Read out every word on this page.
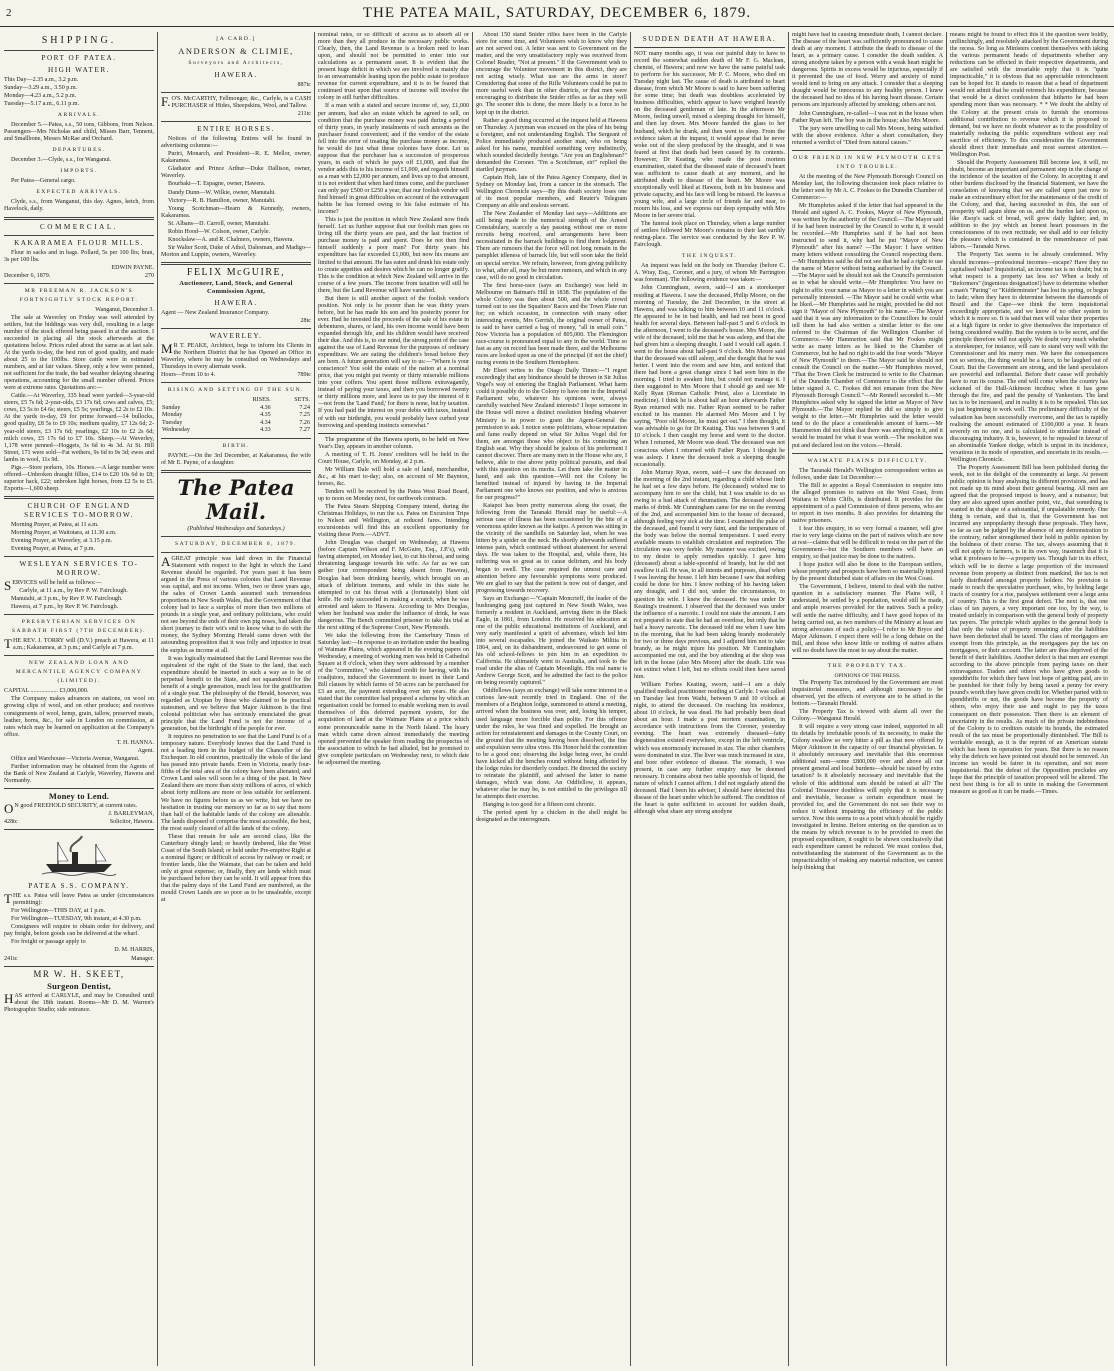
2	THE PATEA MAIL, SATURDAY, DECEMBER 6, 1879.
SHIPPING.
PORT OF PATEA.
HIGH WATER.

This Day—2.35 a.m., 3.2 p.m.

Sunday—3.29 a.m., 3.50 p.m.

Monday—4.23 a.m., 5.2 p.m.

Tuesday—5.17 a.m., 6.11 p.m.

ARRIVALS.

December 5.—Patea, s.s., 50 tons, Gibbons, from Nelson. Passengers—Mrs Nicholas and child, Misses Barr, Tennent, and Smallbone, Messrs McRae and Orchard.

DEPARTURES.

December 3.—Clyde, s.s., for Wanganui.

IMPORTS.

Per Patea—General cargo.

EXPECTED ARRIVALS.

Clyde, s.s., from Wanganui, this day. Agnes, ketch, from Havelock, daily.

COMMERCIAL.
KAKARAMEA FLOUR MILLS.

Flour in sacks and in bags. Pollard, 5s per 100 lbs; bran, 3s per 100 lbs.

EDWIN PAYNE.

December 6, 1879.	270

MR FREEMAN R. JACKSON'S FORTNIGHTLY STOCK REPORT.

Wanganui, December 3.

The sale at Waverley on Friday was well attended by settlers, but the biddings was very dull, resulting in a large number of the stock offered being passed in at the auction. I succeeded in placing all the stock afterwards at the quotations below. Prices ruled about the same as at last sale. At the yards to-day, the best run of good quality, and made about 25 to the 100lbs. Store cattle were in estimated numbers, and at fair values. Sheep, only a few were penned, not sufficient for the trade, the bad weather delaying shearing operations, accounting for the small number offered. Prices were at extreme rates. Quotations are:—

Cattle.—At Waverley, 335 head were yarded—3-year-old steers, £5 7s 6d; 2-year-olds, £3 17s 6d; cows and calves, £5; cows, £3 5s to £4 6s; steers, £5 5s; yearlings, £2 2s to £2 10s. At the yards to-day, £9 for prime forward—14 bullocks, good quality, £8 5s to £9 10s; medium quality, £7 12s 6d; 2-year-old steers, £3 17s 6d; yearlings, £2 10s to £2 2s 6d; milch cows, £5 17s 6d to £7 10s. Sheep.—At Waverley, 1,178 were penned—Hoggets, 3s 6d to 4s 3d. At St. Hill Street, 171 were sold—Fat wethers, 9s 6d to 9s 3d; ewes and lambs in wool, 11s 9d.

Pigs.—Store porkers, 10s. Horses.—A large number were offered—Unbroken draught fillies, £14 to £20 10s 6d to £8; superior hack, £22; unbroken light horses, from £2 5s to £5. Exports—1,600 sheep.

CHURCH OF ENGLAND SERVICES TO-MORROW.

Morning Prayer, at Patea, at 11 a.m.

Morning Prayer, at Waitotara, at 11.30 a.m.

Evening Prayer, at Waverley, at 3.15 p.m.

Evening Prayer, at Patea, at 7 p.m.

WESLEYAN SERVICES TO-MORROW.

SERVICES will be held as follows:—

Carlyle, at 11 a.m., by Rev P. W. Fairclough.

Manutahi, at 3 p.m., by Rev P. W. Fairclough.

Hawera, at 7 p.m., by Rev P. W. Fairclough.

PRESBYTERIAN SERVICES ON SABBATH FIRST (7TH DECEMBER).

THE REV. J. TORRY will (D.V.) preach at Hawera, at 11 a.m.; Kakaramea, at 3 p.m.; and Carlyle at 7 p.m.

NEW ZEALAND LOAN AND MERCANTILE AGENCY COMPANY (LIMITED).

CAPITAL .................. £3,000,000.

The Company makes advances on stations, on wool on growing clips of wool, and on other produce; and receives consignments of wool, hemp, grain, tallow, preserved meats, leather, horns, &c., for sale in London on commission, at rates which may be learned on application at the Company's office.

T. H. HANNA.

Agent.

Office and Warehouse—Victoria Avenue, Wanganui.

Further information may be obtained from the Agents of the Bank of New Zealand at Carlyle, Waverley, Hawera and Normanby.

Money to Lend.

ON good FREEHOLD SECURITY, at current rates.

J. BARLEYMAN,

428tc	Solicitor, Hawera.

PATEA S.S. COMPANY.

THE s.s. Patea will leave Patea as under (circumstances permitting):

For Wellington—THIS DAY, at 1 p.m.

For Wellington—TUESDAY, 9th instant, at 4.30 p.m.

Consignees will require to obtain order for delivery, and pay freight, before goods can be delivered at the wharf.

For freight or passage apply to

D. M. HARRIS,

241tc	Manager.

MR W. H. SKEET,
Surgeon Dentist,

HAS arrived at CARLYLE, and may be Consulted until about the 18th instant. Rooms—Mr D. M. Warren's Photographic Studio; side entrance.

[A CARD.]
ANDERSON & CLIMIE,
Surveyors and Architects,
HAWERA.

887tc

F.O'S. McCARTHY, Fellmonger, &c., Carlyle, is a CASH PURCHASER of Hides, Sheepskins, Wool, and Tallow.

211tc

ENTIRE HORSES.

Notices of the following Entires will be found in advertising columns:—

Puriri, Monarch, and President—R. E. Mellor, owner, Kakaramea.

Gladiator and Prince Arthur—Duke Dallison, owner, Waverley.

Bourbaki—T. Espagne, owner, Hawera.

Dandy Dunn—W. Wilkie, owner, Manutahi.

Victory—R. B. Hamilton, owner, Manutahi.

Young Scotchman—Hearn & Kennedy, owners, Kakaramea.

St. Albans—D. Carroll, owner, Manutahi.

Robin Hood—W. Colson, owner, Carlyle.

Knockslaw—A. and R. Chalmers, owners, Hawera.

Sir Walter Scott, Duke of Athol, Dalesman, and Madigo—Morton and Luppin, owners, Waverley.

FELIX McGUIRE,
Auctioneer, Land, Stock, and General Commission Agent,
HAWERA.

Agent — New Zealand Insurance Company.

28tc

WAVERLEY.

MR T. PEAKE, Architect, begs to inform his Clients in the Northern District that he has Opened an Office in Waverley, where he may be consulted on Wednesdays and Thursdays in every alternate week.

Hours—From 10 to 4.	789tc

RISING AND SETTING OF THE SUN.
	RISES.	SETS.
Sunday	4.36	7.24
Monday	4.35	7.25
Tuesday	4.34	7.26
Wednesday	4.33	7.27
BIRTH.

PAYNE.—On the 3rd December, at Kakaramea, the wife of Mr E. Payne, of a daughter.

The Patea Mail.
(Published Wednesdays and Saturdays.)
SATURDAY, DECEMBER 6, 1879.

AGREAT principle was laid down in the Financial Statement with respect to the light in which the Land Revenue should be regarded. For years past it has been argued in the Press of various colonies that Land Revenue was capital, and not income. When, two or three years ago, the sales of Crown Lands assumed such tremendous proportions in New South Wales, that the Government of that colony had to face a surplus of more than two millions of pounds in a single year, and ordinary politicians, who could not see beyond the ends of their own pig noses, had taken the short journey to their wit's end to know what to do with the money, the Sydney Morning Herald came down with the astounding proposition that it was folly and injustice to treat the surplus as income at all.

It was logically maintained that the Land Revenue was the equivalent of the right of the State to the land, that such expenditure should be inserted in such a way as to be of perpetual benefit to the State, and not squandered for the benefit of a single generation, much less for the gratification of a single year. The philosophy of the Herald, however, was regarded as Utopian by those who claimed to be practical statesmen, and we believe that Major Atkinson is the first colonial politician who has seriously enunciated the great principle that the Land Fund is not the income of a generation, but the birthright of the people for ever.

It requires no penetration to see that the Land Fund is of a temporary nature. Everybody knows that the Land Fund is not a leading item in the budget of the Chancellor of the Exchequer. In old countries, practically the whole of the land has passed into private hands. Even in Victoria, nearly four-fifths of the total area of the colony have been alienated, and Crown Land sales will soon be a thing of the past. In New Zealand there are more than sixty millions of acres, of which about forty millions are more or less suitable for settlement. We have no figures before us as we write, but we have no hesitation in trusting our memory so far as to say that more than half of the habitable lands of the colony are alienable. The lands disposed of comprise the most accessible, the best, the most easily cleared of all the lands of the colony.

These that remain for sale are second class, like the Canterbury shingly land; or heavily timbered, like the West Coast of the South Island; or held under Pre-emptive Right at a nominal figure; or difficult of access by railway or road; or frontier lands, like the Waimate, that can be taken and held only at great expense; or, finally, they are lands which must be purchased before they can be sold. It will appear from this that the palmy days of the Land Fund are numbered, as the mould Crown Lands are so poor as to be unsaleable, except at

nominal rates, or so difficult of access as to absorb all or more than they all produce in the necessary public works. Clearly, then, the Land Revenue is a broken reed to lean upon, and should not be permitted to enter into our calculations as a permanent asset. It is evident that the present huge deficit in which we are involved is mainly due to an unwarrantable leaning upon the public estate to produce revenue for current expenditure, and it is to be feared that continued trust upon that source of income will involve the colony in still further difficulties.

If a man with a stated and secure income of, say, £1,000 per annum, had also an estate which he agreed to sell, on condition that the purchase money was paid during a period of thirty years, in yearly instalments of such amounts as the purchaser found convenient; and if the vendor of the estate fell into the error of treating the purchase money as income, he would do just what these colonies have done. Let us suppose that the purchaser has a succession of prosperous years, in each of which he pays off £1,000, and that the vendor adds this to his income of £1,000, and regards himself as a man with £2,000 per annum, and lives up to that amount, it is not evident that when hard times come, and the purchaser can only pay £500 or £250 a year, that our foolish vendor will find himself in great difficulties on account of the extravagant habits he has formed owing to his false estimate of his income?

This is just the position in which New Zealand now finds herself. Let us further suppose that our foolish man goes on living till the thirty years are past, and the last fraction of purchase money is paid and spent. Does he not then find himself suddenly a poor man? For thirty years his expenditure has far exceeded £1,000, but now his means are limited to that amount. He has eaten and drunk his estate only to create appetites and desires which he can no longer gratify. This is the condition at which New Zealand will arrive in the course of a few years. The income from taxation will still be there, but the Land Revenue will have vanished.

But there is still another aspect of the foolish vendor's position. Not only is he poorer than he was thirty years before, but he has made his son and his posterity poorer for ever. Had he invested the proceeds of the sale of his estate in debentures, shares, or land, his own income would have been expanded through life, and his children would have received their due. And this is, to our mind, the strong point of the case against the use of Land Revenue for the purposes of ordinary expenditure. We are eating the children's bread before they are born. A future generation will say to us:—"Where is your conscience? You sold the estate of the nation at a nominal price, that you might put twenty or thirty miserable millions into your coffers. You spent those millions extravagantly, instead of paying your taxes, and then you borrowed twenty or thirty millions more, and leave us to pay the interest of it—not from the 'Land Fund,' for there is none, but by taxation. If you had paid the interest on your debts with taxes, instead of with our birthright, you would probably have curbed your borrowing and spending instincts somewhat."

The programme of the Hawera sports, to be held on New Year's Day, appears in another column.

A meeting of T. H. Jones' creditors will be held in the Court House, Carlyle, on Monday, at 2 p.m.

Mr William Dale will hold a sale of land, merchandise, &c., at his mart to-day; also, on account of Mr Baynton, horses, &c.

Tenders will be received by the Patea West Road Board, up to noon on Monday next, for earthwork contracts.

The Patea Steam Shipping Company intend, during the Christmas Holidays, to run the s.s. Patea on Excursion Trips to Nelson and Wellington, at reduced fares. Intending excursionists will find this an excellent opportunity for visiting these Ports.—ADVT.

John Douglas was charged on Wednesday, at Hawera (before Captain Wilson and F. McGuire, Esq., J.P.'s), with having attempted, on Monday last, to cut his throat, and using threatening language towards his wife. As far as we can gather (our correspondent being absent from Hawera), Douglas had been drinking heavily, which brought on an attack of delirium tremens, and while in this state he attempted to cut his throat with a (fortunately) blunt old knife. He only succeeded in making a scratch, when he was arrested and taken to Hawera. According to Mrs Douglas, when her husband was under the influence of drink, he was dangerous. The Bench committed prisoner to take his trial at the next sitting of the Supreme Court, New Plymouth.

We take the following from the Canterbury Times of Saturday last:—In response to an invitation under the heading of Waimate Plains, which appeared in the evening papers on Wednesday, a meeting of working men was held in Cathedral Square at 8 o'clock, when they were addressed by a member of the "committee," who claimed credit for having, with his coadjutors, induced the Government to insert in their Land Bill clauses by which farms of 50 acres can be purchased for £3 an acre, the payment extending over ten years. He also stated that the committee had prepared a scheme by which an organisation could be formed to enable working men to avail themselves of this deferred payment system, for the acquisition of land at the Waimate Plains at a price which some pronounceable name in the North Island. The hoary man which came down almost immediately the meeting opened prevented the speaker from reading the prospectus of the association to which he had alluded, but he promised to give complete particulars on Wednesday next, to which date he adjourned the meeting.

About 150 stand Snider rifles have been in the Carlyle store for some time, and Volunteers wish to know why they are not served out. A letter was sent to Government on the matter, and the very unsatisfactory reply was received from Colonel Reader, "Not at present." If the Government wish to encourage the Volunteer movement in this district, they are not acting wisely. What use are the arms in store? Considering that some of the Rifle Volunteers could be put to more useful work than in other districts, or that men were encouraging to distribute the Snider rifles as far as they will go. The sooner this is done, the more likely is a force to be kept up in the district.

Rather a good thing occurred at the inquest held at Hawera on Thursday. A juryman was excused on the plea of his being a foreigner, and not understanding English. The Sergeant of Police immediately produced another man, who on being asked for his name, mumbled something very indistinctly, which sounded decidedly foreign. "Are you an Englishman?" demanded the Coroner. "I'm a Scotchman, sir!" replied the startled juryman.

Captain Holt, late of the Patea Agency Company, died in Sydney on Monday last, from a cancer in the stomach. The Wellington Chronicle says—By this death society loses one of its most popular members, and Reuter's Telegram Company an able and zealous servant.

The New Zealander of Monday last says—Additions are still being made to the numerical strength of the Armed Constabulary, scarcely a day passing without one or more recruits being received, and arrangements have been necessitated in the barrack buildings to find them lodgment. There are rumours that the force will not long remain in the pamphlet idleness of barrack life, but will soon take the field on special service. We refrain, however, from giving publicity to what, after all, may be but mere rumours, and which in any case, will do no good in circulation.

The first horse-race (says an Exchange) was held in Melbourne on Batman's Hill in 1838. The population of the whole Colony was then about 500, and the whole crowd turned out to see the Squatters' Races and the Town Plate run for; on which occasion, in connection with many other interesting events, Mrs Gerrish, the original owner of Patea, is said to have carried a bag of money, "all in small coin." Now Victoria has a population of 805,000. The Flemington race-course is pronounced equal to any in the world. Time so fast as any on record has been made there, and the Melbourne races are looked upon as one of the principal (if not the chief) racing events in the Southern Hemisphere.

Mr Ebert writes to the Otago Daily Times:—"I regret exceedingly that any hindrance should be thrown in Sir Julius Vogel's way of entering the English Parliament. What harm could it possibly do to the Colony to have one in the Imperial Parliament who, whatever his opinions were, always carefully watched New Zealand interests? I hope someone in the House will move a distinct resolution binding whatever Ministry is in power to grant the Agent-General the permission to ask. I notice some politicians, whose reputation and fame really depend on what Sir Julius Vogel did for them, are amongst those who object to his contesting an English seat. Why they should be jealous of his preferment I cannot discover. There are many men in the House who are, I believe, able to rise above petty political pursuits, and deal with this question on its merits. Let them take the matter in hand, and ask this question—Will not the Colony be benefited instead of injured by having in the Imperial Parliament one who knows our position, and who is anxious for our progress?"

Kaiapoi has been pretty numerous along the coast, the following from the Taranaki Herald may be useful:—A serious case of illness has been occasioned by the bite of a venomous spider known as the katipo. A person was sitting in the vicinity of the sandhills on Saturday last, when he was bitten by a spider on the neck. He shortly afterwards suffered intense pain, which continued without abatement for several days. He was taken to the Hospital, and, while there, his suffering was so great as to cause delirium, and his body began to swell. The case required the utmost care and attention before any favourable symptoms were produced. We are glad to say that the patient is now out of danger, and progressing towards recovery.

Says an Exchange:—"Captain Moncrieff, the leader of the bushranging gang just captured in New South Wales, was formerly a resident in Auckland, arriving there in the Black Eagle, in 1861, from London. He received his education at one of the public educational institutions of Auckland, and very early manifested a spirit of adventure, which led him into several escapades. He joined the Waikato Militia in 1864, and, on its disbandment, endeavoured to get some of his old school-fellows to join him in an expedition to California. He ultimately went to Australia, and took to the road under the alias of Captain Moonlight. His real name is Andrew George Scott, and he admitted the fact to the police on being recently captured."

Oddfellows (says an exchange) will take some interest in a curious law-suit recently tried in England. One of the members of a Brighton lodge, summoned to attend a meeting, arrived when the business was over, and, losing his temper, used language more forcible than polite. For this offence under the rules, he was fined and expelled. He brought an action for reinstatement and damages in the County Court, on the ground that the meeting having been dissolved, the fine and expulsion were ultra vires. His Honor held the contention to be a good one; observing the lodge being over, he could have kicked all the benches round without being affected by the lodge rules for disorderly conduct. He directed the society to reinstate the plaintiff, and advised the latter to name damages, which was done. An Oddfellow, it appears, whatever else he may be, is not entitled to the privileges till he attempts their exercise.

Hanging is too good for a fifteen cent chronic.

The period spent by a chicken in the shell might be designated as the interregnum.

SUDDEN DEATH AT HAWERA.

NOT many months ago, it was our painful duty to have to record the somewhat sudden death of Mr F. G. Maclean, chemist, of Hawera; and now we have the same painful task to perform for his successor, Mr P. C. Moore, who died on Tuesday night last. The cause of death is attributed to heart disease, from which Mr Moore is said to have been suffering for some time; but death was doubtless accelerated by business difficulties, which appear to have weighed heavily on the deceased gentleman of late. In the afternoon Mr Moore, feeling unwell, mixed a sleeping draught for himself, and then lay down. Mrs Moore handed the glass to her husband, which he drank, and then went to sleep. From the evidence taken at the inquest, it would appear that he never woke out of the sleep produced by the draught, and it was feared at first that death had been caused by its contents. However, Dr Keating, who made the post mortem examination, stated that the diseased state of deceased's heart was sufficient to cause death at any moment, and he attributed death to disease of the heart. Mr Moore was exceptionally well liked at Hawera, both in his business and private capacity, and his face will long be missed. He leaves a young wife, and a large circle of friends far and near, to mourn his loss, and we express our deep sympathy with Mrs Moore in her severe trial.

The funeral took place on Thursday, when a large number of settlers followed Mr Moore's remains to their last earthly resting-place. The service was conducted by the Rev P. W. Fairclough.

THE INQUEST.

An inquest was held on the body on Thursday (before C. A. Wray, Esq., Coroner, and a jury, of whom Mr Parrington was foreman). The following evidence was taken:—

John Cunningham, sworn, said—I am a storekeeper residing at Hawera. I saw the deceased, Philip Moore, on the morning of Tuesday, the 2nd December, in the street at Hawera, and was talking to him between 10 and 11 o'clock. He appeared to be in bad health, and had not been in good health for several days. Between half-past 5 and 6 o'clock in the afternoon, I went to the deceased's house. Mrs Moore, the wife of the deceased, told me that he was asleep, and that she had given him a sleeping draught. I said I would call again. I went to the house about half-past 9 o'clock. Mrs Moore said that the deceased was still asleep, and she thought that he was better. I went into the room and saw him, and noticed that there had been a great change since I had seen him in the morning. I tried to awaken him, but could not manage it. I then suggested to Mrs Moore that I should go and see Mr Kelly Ryan (Roman Catholic Priest, also a Licentiate in medicine). I think he is about half an hour afterwards Father Ryan returned with me. Father Ryan seemed to be rather excited in his manner. He alarmed Mrs Moore and I by saying, "Poor old Moore, he must get out." I then thought, it was advisable to go for Dr Keating. This was between 9 and 10 o'clock. I then caught my horse and went to the doctor. When I returned, Mr Moore was dead. The deceased was not conscious when I returned with Father Ryan. I thought he was asleep. I knew the deceased took a sleeping draught occasionally.

John Murray Ryan, sworn, said—I saw the deceased on the morning of the 2nd instant, regarding a child whose limb he had set a few days before. He (deceased) wished me to accompany him to see the child, but I was unable to do so owing to a bad attack of rheumatism. The deceased showed marks of drink. Mr Cunningham came for me on the evening of the 2nd, and accompanied him to the house of deceased, although feeling very sick at the time. I examined the pulse of the deceased, and found it very faint, and the temperature of the body was below the normal temperature. I used every available means to establish circulation and respiration. The circulation was very feeble. My manner was excited, owing to my desire to apply remedies quickly. I gave him (deceased) about a table-spoonful of brandy, but he did not swallow it all. He was, to all intents and purposes, dead when I was leaving the house. I left him because I saw that nothing could be done for him. I know nothing of his having taken any draught, and I did not, under the circumstances, to question his wife. I knew the deceased. He was under Dr Keating's treatment. I observed that the deceased was under the influence of a narcotic. I could not state the amount. I am not prepared to state that he had an overdose, but only that he had a heavy narcotic. The deceased told me when I saw him in the morning, that he had been taking brandy moderately for two or three days previous, and I adjured him not to take brandy, as he might injure his position. Mr Cunningham accompanied me out, and the boy attending at the shop was left in the house (also Mrs Moore) after the death. Life was not extinct when I left, but no efforts could then have saved him.

William Forbes Keating, sworn, said—I am a duly qualified medical practitioner residing at Carlyle. I was called on Tuesday last from Waihi, between 9 and 10 o'clock at night, to attend the deceased. On reaching his residence, about 10 o'clock, he was dead. He had probably been dead about an hour. I made a post mortem examination, in accordance with instructions from the Coroner, yesterday evening. The heart was extremely diseased—fatty degeneration existed everywhere, except in the left ventricle, which was enormously increased in size. The other chambers were dominated in size. The liver was much increased in size, and bore other evidence of disease. The stomach, I was present, in case any further enquiry may be deemed necessary. It contains about two table spoonfuls of liquid, the nature of which I cannot affirm. I did not regularly attend the deceased. Had I been his adviser, I should have detected this disease of the heart under which he suffered. The condition of the heart is quite sufficient to account for sudden death, although what share any strong anodyne

might have had in causing immediate death, I cannot declare. The disease of the heart was sufficiently pronounced to cause death at any moment. I attribute the death to disease of the heart, as a primary cause. I consider the death sudden. A strong anodyne taken by a person with a weak heart might be dangerous. Spirits in excess would be injurious, especially if it prevented the use of food. Worry and anxiety of mind would tend to bring on any attack. I consider that a sleeping draught would be innocuous to any healthy person. I knew the deceased had no idea of his having heart disease. Certain persons are injuriously affected by smoking; others are not.

John Cunningham, re-called—I was not in the house when Father Ryan left. The boy was in the house; also Mrs Moore.

The jury were unwilling to call Mrs Moore, being satisfied with the above evidence. After a short consultation, they returned a verdict of "Died from natural causes."

OUR FRIEND IN NEW PLYMOUTH GETS INTO TROUBLE.

At the meeting of the New Plymouth Borough Council on Monday last, the following discussion took place relative to the letter sent by Mr A. C. Fookes to the Dunedin Chamber of Commerce:—

Mr Humphries asked if the letter that had appeared in the Herald and signed A. C. Fookes, Mayor of New Plymouth, was written by the authority of the Council.—The Mayor said if he had been instructed by the Council to write it, it would be recorded.—Mr Humphries said if he had not been instructed to send it, why had he put "Mayor of New Plymouth" after his name? —The Mayor: I have written many letters without consulting the Council respecting them.—Mr Humphries said he did not see that he had a right to use the name of Mayor without being authorised by the Council.—The Mayor said he should not ask the Council's permission as to what he should write.—Mr Humphries: You have no right to affix your name as Mayor to a letter in which you are personally interested. —The Mayor said he could write what he liked.—Mr Humphries said he might, provided he did not sign it "Mayor of New Plymouth" to his name.—The Mayor said that it was any information to the Councillors he could tell them he had also written a similar letter to the one referred to the Chairman of the Wellington Chamber of Commerce.—Mr Hammerton said that Mr Fookes might write as many letters as he liked to the Chamber of Commerce, but he had no right to add the four words "Mayor of New Plymouth" to them.—The Mayor said he should not consult the Council on the matter.—Mr Humphries moved, "That the Town Clerk be instructed to write to the Chairman of the Dunedin Chamber of Commerce to the effect that the letter signed A. C. Fookes did not emanate from the New Plymouth Borough Council."—Mr Rennell seconded it.—Mr Humphries asked why he signed the letter as Mayor of New Plymouth.—The Mayor replied he did so simply to give weight to the letter.—Mr Humphries said the letter would tend to do the place a considerable amount of harm.—Mr Hammerton did not think that there was anything in it, and it would be treated for what it was worth.—The resolution was put and declared lost on the voices.—Herald.

WAIMATE PLAINS DIFFICULTY.

The Taranaki Herald's Wellington correspondent writes as follows, under date 1st December:—

The Bill to appoint a Royal Commission to enquire into the alleged promises to natives on the West Coast, from Waitara to White Cliffs, is distributed. It provides for the appointment of a paid Commission of three persons, who are to report in two months. It also provides for detaining the native prisoners.

I fear this enquiry, in so very formal a manner, will give rise to very large claims on the part of natives which are now at rest—claims that will be difficult to resist on the part of the Government—but the Southern members will have an enquiry, so that justice may be done to the natives.

I hope justice will also be done to the European settlers, whose property and prospects have been so materially injured by the present disturbed state of affairs on the West Coast.

The Government, I believe, intend to deal with the native question in a satisfactory manner. The Plains will, I understand, be settled by a population, would still be made, and ample reserves provided for the natives. Such a policy will settle the native difficulty, and I have good hopes of its being carried out, as two members of the Ministry at least are strong advocates of such a policy—I refer to Mr Bryce and Major Atkinson. I expect there will be a long debate on the Bill, and those who know little or nothing of native affairs will no doubt have the most to say about the matter.

THE PROPERTY TAX.
OPINIONS OF THE PRESS.

The Property Tax introduced by the Government are most inquisitorial measures, and although necessary to be observed, yet the effects of everyone are to be sifted to the bottom.—Taranaki Herald.

The Property Tax is viewed with alarm all over the Colony.—Wanganui Herald.

It will require a very strong case indeed, supported in all its details by irrefutable proofs of its necessity, to make the Colony swallow so very bitter a pill as that now offered by Major Atkinson in the capacity of our financial physician. Is it absolutely necessary and inevitable that this enormous additional sum—some £800,000 over and above all our present general and local burdens—should be raised by extra taxation? Is it absolutely necessary and inevitable that the whole of this additional sum should be raised at all? The Colonial Treasurer doubtless will reply that it is necessary and inevitable, because a certain expenditure must be provided for, and the Government do not see their way to reduce it without impairing the efficiency of the public service. Now this seems to us a point which should be rigidly investigated in limine. Before entering on the question as to the means by which revenue is to be provided to meet the proposed expenditure, it ought to be shown conclusively that such expenditure cannot be reduced. We must confess that, notwithstanding the statement of the Government as to the impracticability of making any material reduction, we cannot help thinking that

means might be found to effect this if the question were boldly, unflinchingly, and resolutely attacked by the Government during the recess. So long as Ministers content themselves with taking the various permanent heads of departments whether any reductions can be effected in their respective departments, and are satisfied with the invariable reply that it is "quite impracticable," it is obvious that no appreciable retrenchment can be hoped for. It stands to reason that a head of department would not admit that he could retrench his expenditure, because that would be a direct confession that hitherto he had been spending more than was necessary. * * We doubt the ability of the Colony at the present crisis to furnish the enormous additional contribution to revenue which it is proposed to demand, but we have no doubt whatever as to the possibility of materially reducing the public expenditure without any real sacrifice of efficiency. To this consideration the Government should direct their immediate and most earnest attention.—Wellington Post.

Should the Property Assessment Bill become law, it will, no doubt, become an important and permanent step in the change of the incidence of the taxation of the Colony. In accepting it and other burdens disclosed by the financial Statement, we have the consolation of knowing that we are called upon just now to make an extraordinary effort for the maintenance of the credit of the Colony, and that, having succeeded in this, the sun of prosperity will again shine on us, and the burden laid upon us, like Æsop's sack of bread, will grow daily lighter; and, in addition to the joy which an honest heart possesses in the consciousness of its own rectitude, we shall add to our felicity the pleasure which is contained in the remembrance of past labors.—Taranaki News.

The Property Tax seems to be already condemned. Why should incomes—professional incomes—escape? Have they no capitalised value? Inquisitorial, an income tax is no doubt; but in what respect is a property tax less so? When a body of "Reformers" (ingenious designation!) have to determine whether a man's "Paring" or "Kidderminster" has lost its spring, or begun to fade; when they have to determine between the diamonds of Brazil and the Cape—we think the term inquisitorial exceedingly appropriate, and we know of no other system to which it is more so. It is said that men will value their properties at a high figure in order to give themselves the importance of being considered wealthy. But the system is to be secret, and the principle therefore will not apply. We doubt very much whether a storekeeper, for instance, will care to stand very well with the Commissioner and his merry men. We have the consequences not so serious, the thing would be a farce, to be laughed out of Court. But the Government are strong, and the land speculators are powerful and influential. Before their cause will probably have to run its course. The end will come when the country has sickened of the Hall-Atkinson incubus; when it has gone through the fire, and paid the penalty of Yankeeism. The land tax is to be increased, and in reality it is to be repealed. This tax is just beginning to work well. The preliminary difficulty of the valuation has been successfully overcome, and the tax is rapidly realising the amount estimated of £100,000 a year. It bears severely on no one, and is calculated to stimulate instead of discouraging industry. It is, however, to be repealed in favour of an abominable Yankee dodge, which is unjust in its incidence, vexatious in its mode of operation, and uncertain in its results.—Wellington Chronicle.

The Property Assessment Bill has been published during the week, not to the delight of the community at large. At present public opinion is busy analysing its different provisions, and has not made up its mind about their general bearing. All men are agreed that the proposed impost is heavy, and a nuisance; but they are also agreed upon another point, viz., that something is wanted in the shape of a substantial, if unpalatable remedy. One thing is certain, and that is, that the Government has not incurred any unpopularity through these proposals. They have, so far as can be judged by the absence of any demonstration to the contrary, rather strengthened their hold in public opinion by the boldness of their course. The tax, always assuming that it will not apply to farmers, is in its own way, inasmuch that it is what it professes to be—a property tax. Though fair in its effect, which will be to derive a large proportion of the increased revenue from property as distinct from mankind, the tax is not fairly distributed amongst property holders. No provision is made to reach the speculative purchaser, who, by holding large tracts of country for a rise, paralyses settlement over a large area of country. This is the first great defect. The next is, that one class of tax payers, a very important one too, by the way, is treated unfairly in comparison with the general body of property tax payers. The principle which applies to the general body is that only the value of property remaining after the liabilities have been deducted shall be taxed. The class of mortgagors are exempt from this principle, as the mortgagees pay the tax on mortgagees, or their account. The latter are thus deprived of the benefit of their liabilities. Another defect is that men are exempt according to the above principle from paying taxes on their extravagance. Traders and others who have given goods to spendthrifts for which they have lost hope of getting paid, are to be punished for their folly by being taxed a penny for every pound's worth they have given credit for. Whether parted with to spendthrifts or not, the goods have become the property of others, who enjoy their use and ought to pay the taxes consequent on their possession. Then there is an element of uncertainty in the results. As much of the private indebtedness of the Colony is to creditors outside its bounds, the estimated result of the tax must be proportionally diminished. The Bill is workable enough, as it is the reprint of an American statute which has been in operation for years. But there is no reason why the defects we have pointed out should not be removed. An income tax would be fairer in its operation, and not more inquisitorial. But the defeat of the Opposition precludes any hope that the principle of taxation proposed will be altered. The next best thing is for all to unite in making the Government measure as good as it can be made.—Times.
